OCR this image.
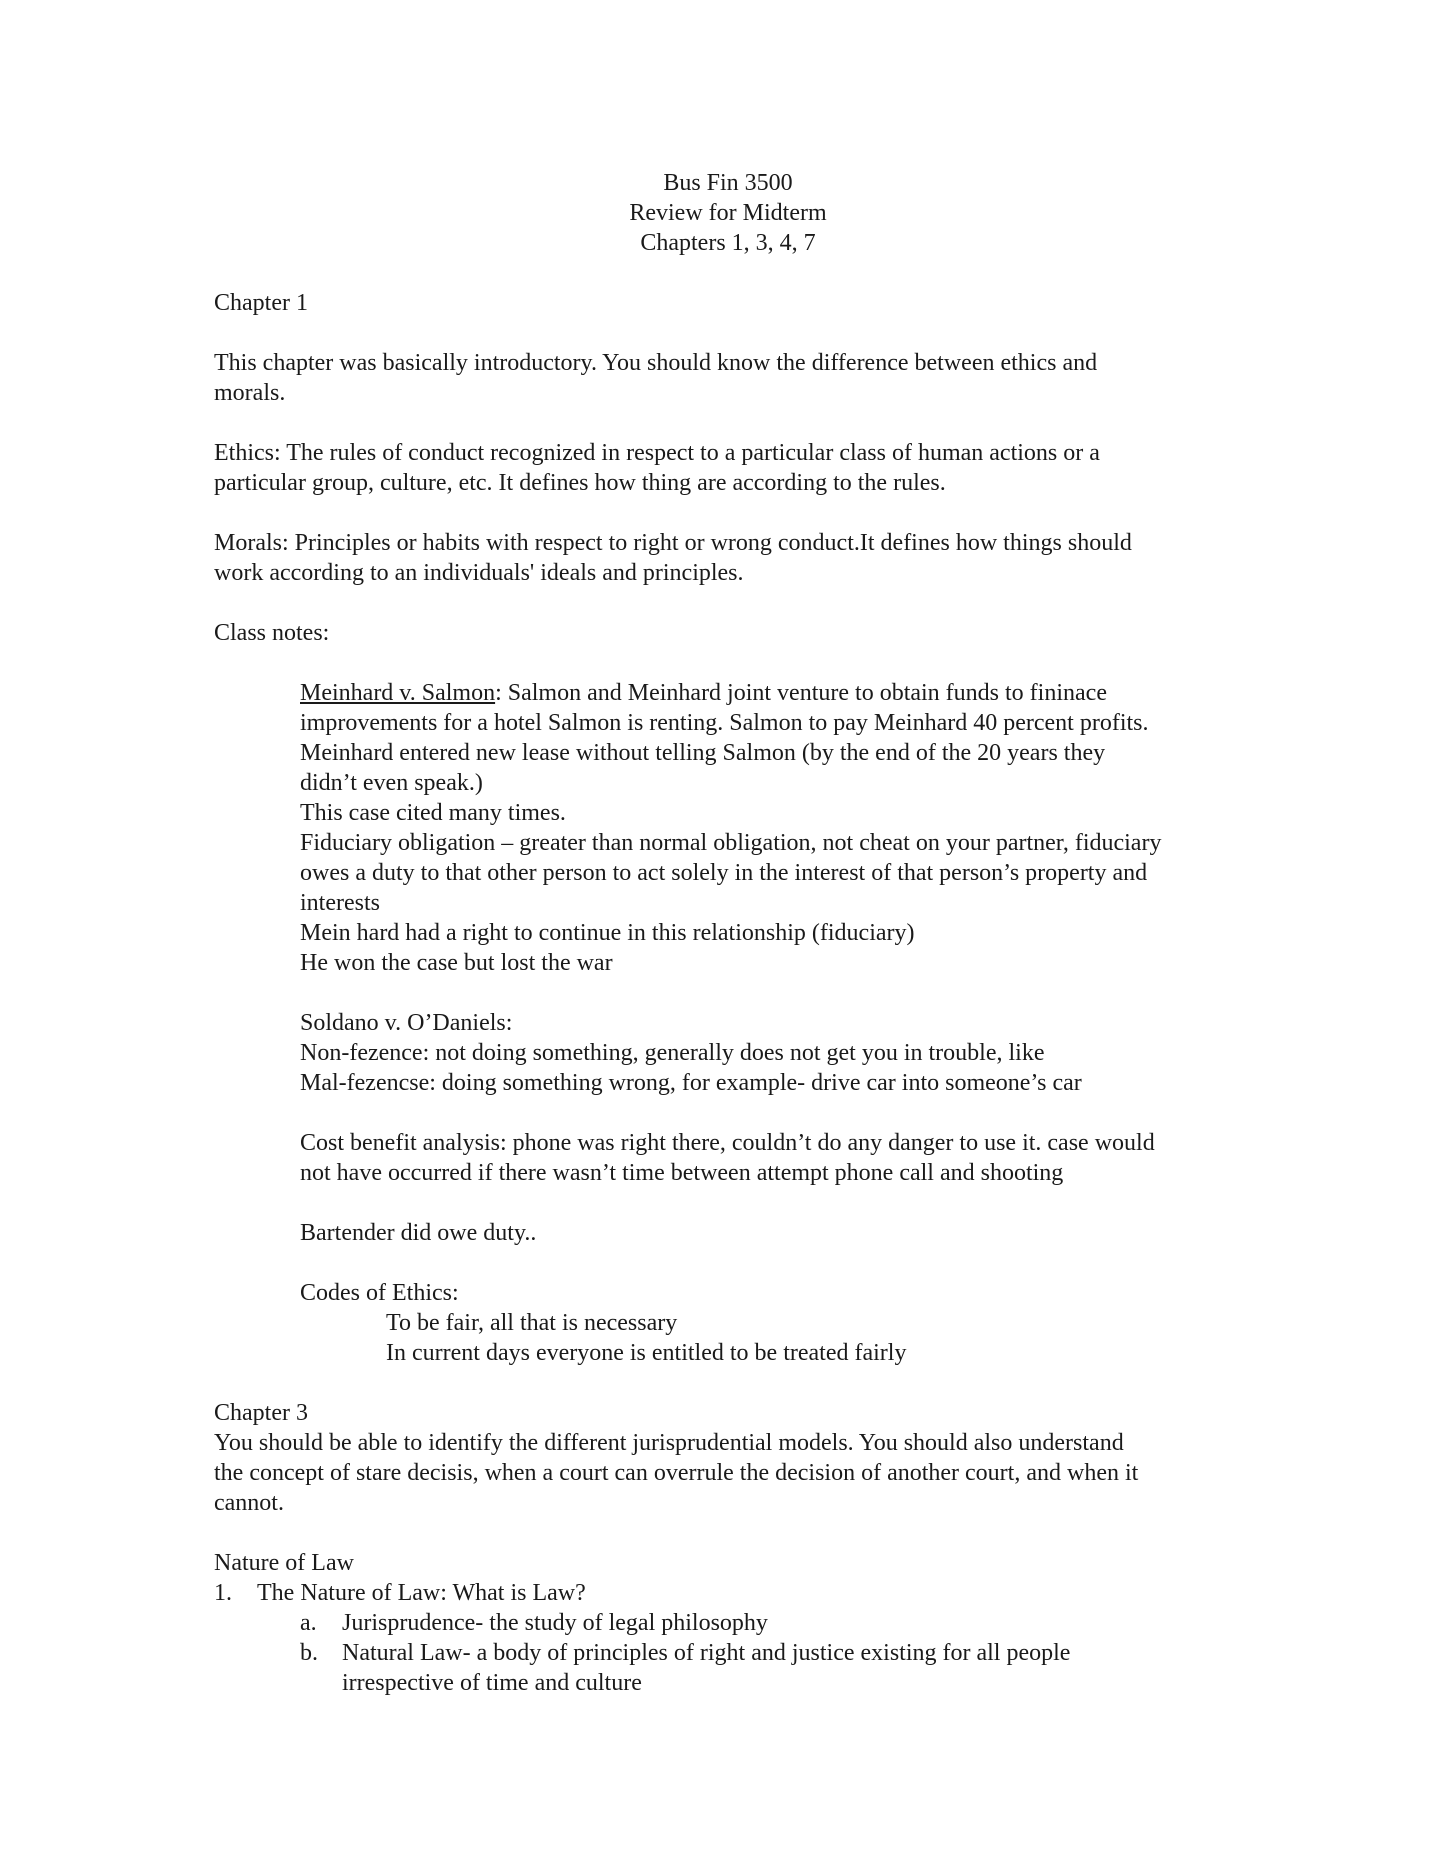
Bus Fin 3500

Review for Midterm

Chapters 1, 3, 4, 7

Chapter 1

This chapter was basically introductory. You should know the difference between ethics and

morals.

Ethics: The rules of conduct recognized in respect to a particular class of human actions or a

particular group, culture, etc. It defines how thing are according to the rules.

Morals: Principles or habits with respect to right or wrong conduct.It defines how things should

work according to an individuals' ideals and principles.

Class notes:

Meinhard v. Salmon: Salmon and Meinhard joint venture to obtain funds to fininace

improvements for a hotel Salmon is renting. Salmon to pay Meinhard 40 percent profits.

Meinhard entered new lease without telling Salmon (by the end of the 20 years they

didn’t even speak.)

This case cited many times.

Fiduciary obligation – greater than normal obligation, not cheat on your partner, fiduciary

owes a duty to that other person to act solely in the interest of that person’s property and

interests

Mein hard had a right to continue in this relationship (fiduciary)

He won the case but lost the war

Soldano v. O’Daniels:

Non-fezence: not doing something, generally does not get you in trouble, like

Mal-fezencse: doing something wrong, for example- drive car into someone’s car

Cost benefit analysis: phone was right there, couldn’t do any danger to use it. case would

not have occurred if there wasn’t time between attempt phone call and shooting

Bartender did owe duty..

Codes of Ethics:

To be fair, all that is necessary

In current days everyone is entitled to be treated fairly

Chapter 3

You should be able to identify the different jurisprudential models. You should also understand

the concept of stare decisis, when a court can overrule the decision of another court, and when it

cannot.

Nature of Law

1. The Nature of Law: What is Law?

a. Jurisprudence- the study of legal philosophy

b. Natural Law- a body of principles of right and justice existing for all people

irrespective of time and culture
